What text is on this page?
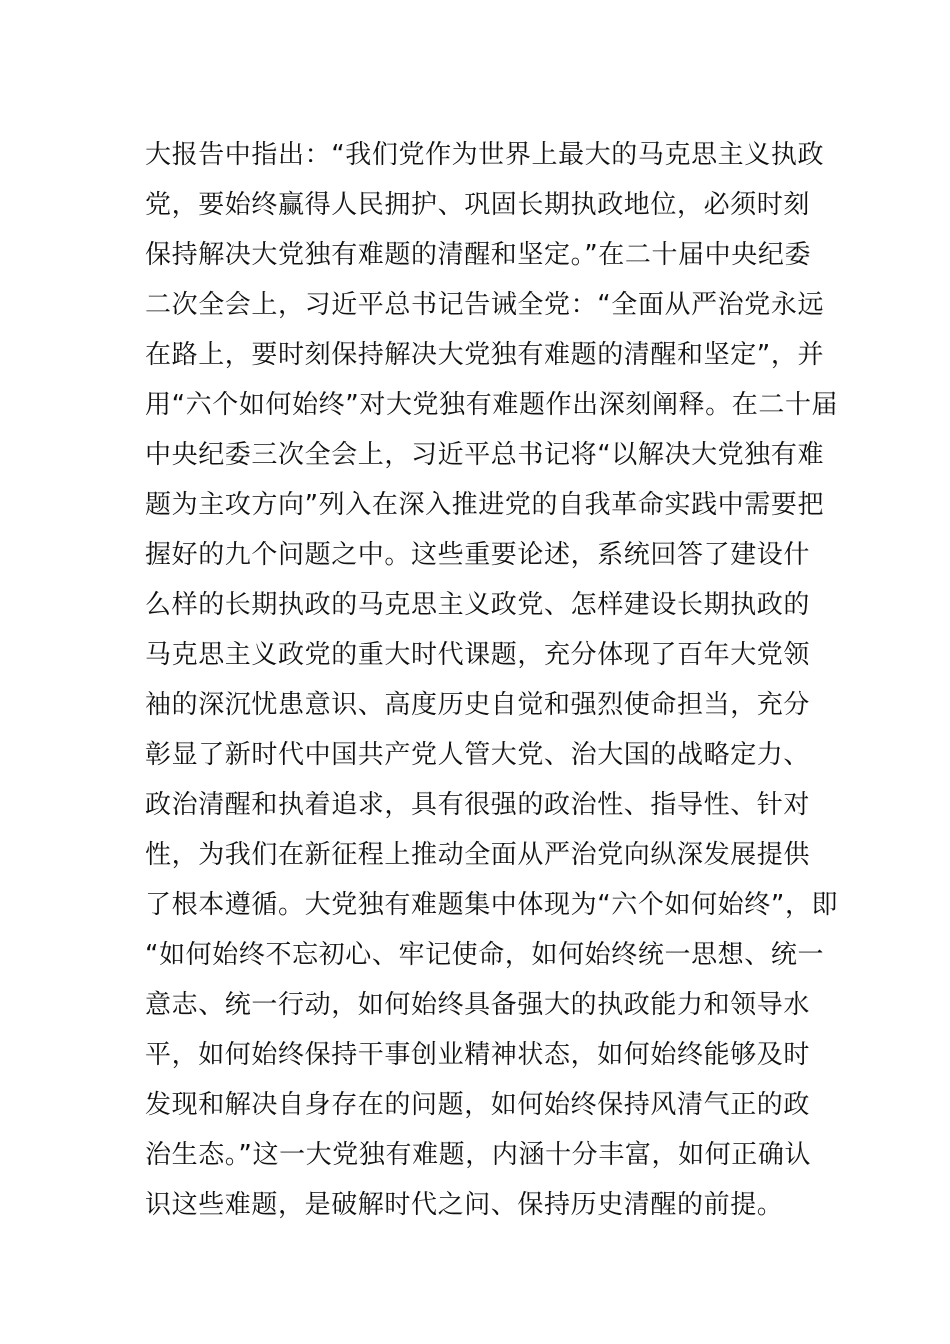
大报告中指出：“我们党作为世界上最大的马克思主义执政
党，要始终赢得人民拥护、巩固长期执政地位，必须时刻
保持解决大党独有难题的清醒和坚定。”在二十届中央纪委
二次全会上，习近平总书记告诫全党：“全面从严治党永远
在路上，要时刻保持解决大党独有难题的清醒和坚定”，并
用“六个如何始终”对大党独有难题作出深刻阐释。在二十届
中央纪委三次全会上，习近平总书记将“以解决大党独有难
题为主攻方向”列入在深入推进党的自我革命实践中需要把
握好的九个问题之中。这些重要论述，系统回答了建设什
么样的长期执政的马克思主义政党、怎样建设长期执政的
马克思主义政党的重大时代课题，充分体现了百年大党领
袖的深沉忧患意识、高度历史自觉和强烈使命担当，充分
彰显了新时代中国共产党人管大党、治大国的战略定力、
政治清醒和执着追求，具有很强的政治性、指导性、针对
性，为我们在新征程上推动全面从严治党向纵深发展提供
了根本遵循。大党独有难题集中体现为“六个如何始终”，即
“如何始终不忘初心、牢记使命，如何始终统一思想、统一
意志、统一行动，如何始终具备强大的执政能力和领导水
平，如何始终保持干事创业精神状态，如何始终能够及时
发现和解决自身存在的问题，如何始终保持风清气正的政
治生态。”这一大党独有难题，内涵十分丰富，如何正确认
识这些难题，是破解时代之问、保持历史清醒的前提。
